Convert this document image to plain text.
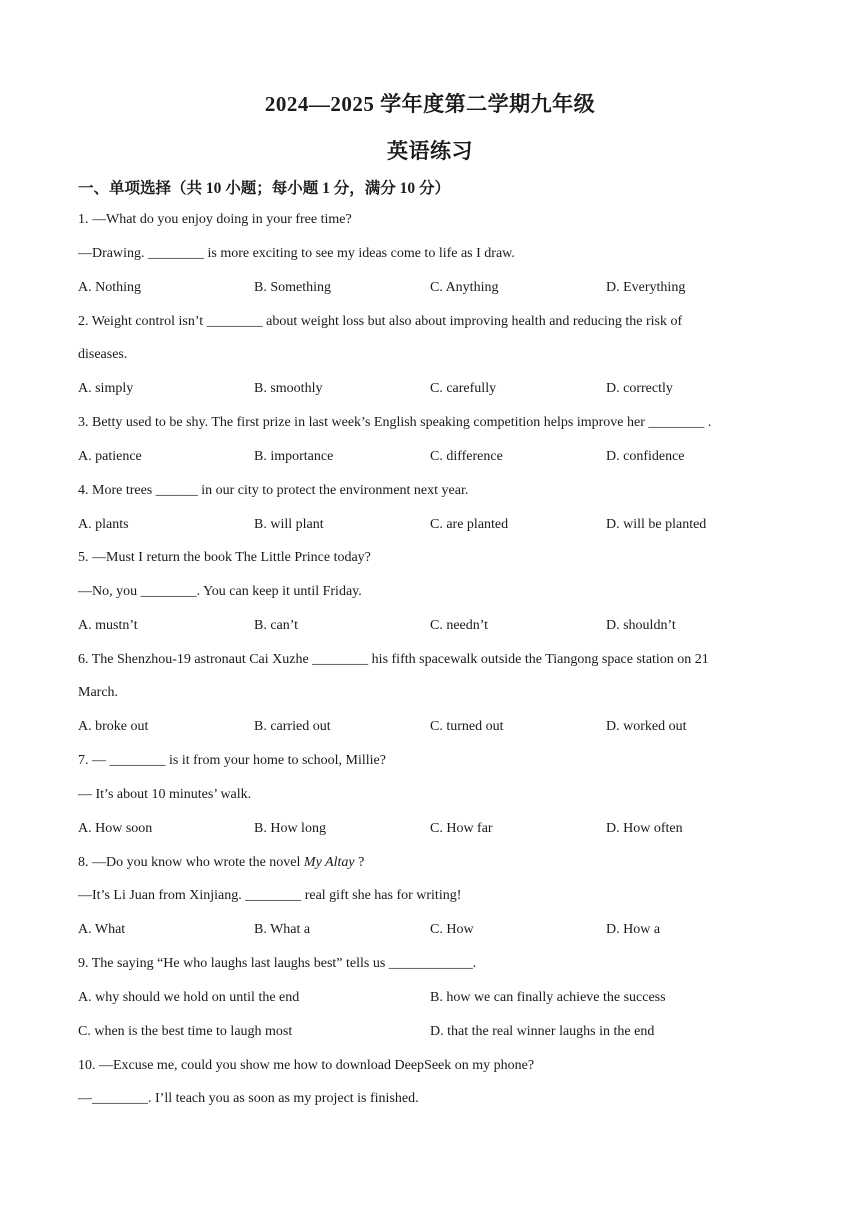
2024—2025 学年度第二学期九年级
英语练习
一、单项选择（共 10 小题；每小题 1 分，满分 10 分）
1. —What do you enjoy doing in your free time?
—Drawing. ________ is more exciting to see my ideas come to life as I draw.
A. Nothing	B. Something	C. Anything	D. Everything
2. Weight control isn’t ________ about weight loss but also about improving health and reducing the risk of
diseases.
A. simply	B. smoothly	C. carefully	D. correctly
3. Betty used to be shy. The first prize in last week’s English speaking competition helps improve her ________ .
A. patience	B. importance	C. difference	D. confidence
4. More trees ______ in our city to protect the environment next year.
A. plants	B. will plant	C. are planted	D. will be planted
5. —Must I return the book The Little Prince today?
—No, you ________. You can keep it until Friday.
A. mustn’t	B. can’t	C. needn’t	D. shouldn’t
6. The Shenzhou-19 astronaut Cai Xuzhe ________ his fifth spacewalk outside the Tiangong space station on 21
March.
A. broke out	B. carried out	C. turned out	D. worked out
7. — ________ is it from your home to school, Millie?
— It’s about 10 minutes’ walk.
A. How soon	B. How long	C. How far	D. How often
8. —Do you know who wrote the novel My Altay ?
—It’s Li Juan from Xinjiang. ________ real gift she has for writing!
A. What	B. What a	C. How	D. How a
9. The saying “He who laughs last laughs best” tells us ____________.
A. why should we hold on until the end	B. how we can finally achieve the success
C. when is the best time to laugh most	D. that the real winner laughs in the end
10. —Excuse me, could you show me how to download DeepSeek on my phone?
—________. I’ll teach you as soon as my project is finished.
